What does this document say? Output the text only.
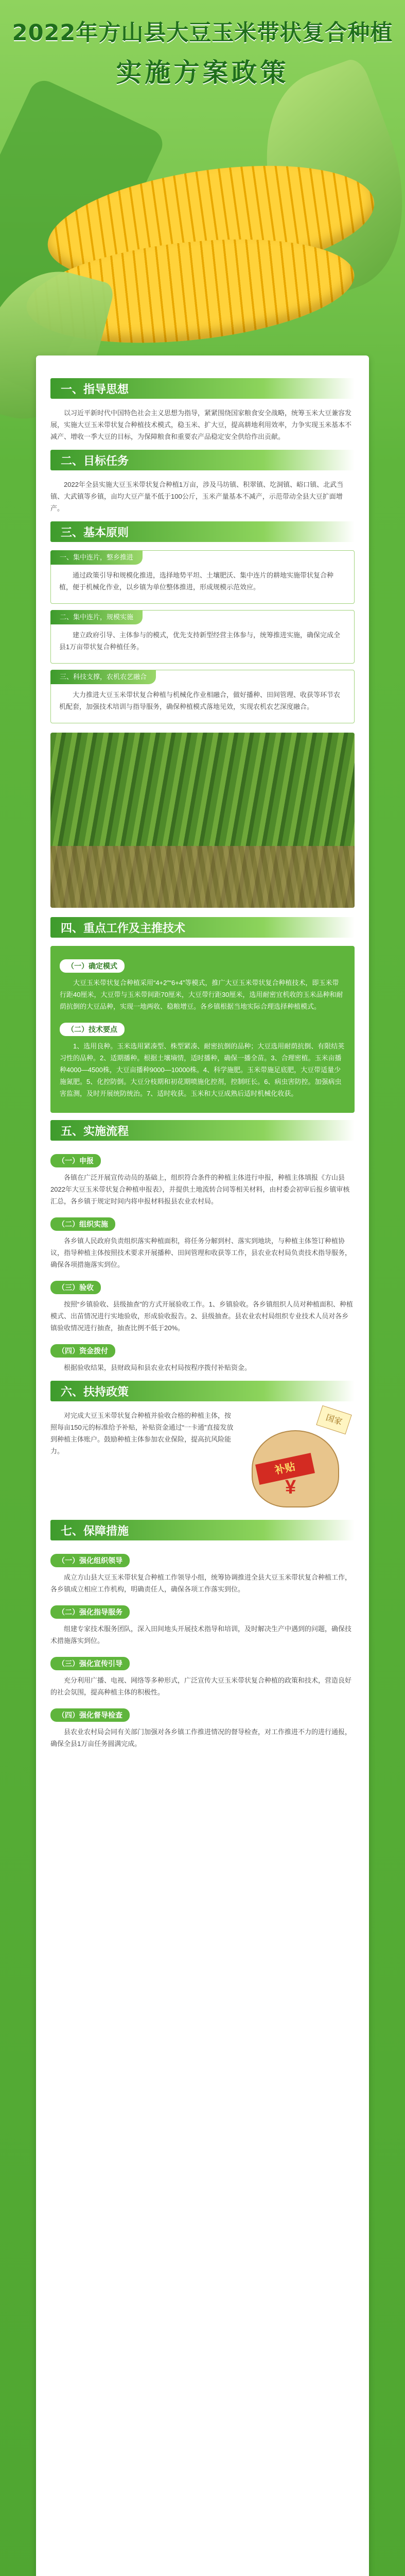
2022年方山县大豆玉米带状复合种植
实施方案政策
一、指导思想

以习近平新时代中国特色社会主义思想为指导，紧紧围绕国家粮食安全战略，统筹玉米大豆兼容发展，实施大豆玉米带状复合种植技术模式，稳玉米、扩大豆，提高耕地利用效率，力争实现玉米基本不减产、增收一季大豆的目标，为保障粮食和重要农产品稳定安全供给作出贡献。

二、目标任务

2022年全县实施大豆玉米带状复合种植1万亩，涉及马坊镇、积翠镇、圪洞镇、峪口镇、北武当镇、大武镇等乡镇，亩均大豆产量不低于100公斤，玉米产量基本不减产，示范带动全县大豆扩面增产。

三、基本原则
一、集中连片，整乡推进

通过政策引导和规模化推进，选择地势平坦、土壤肥沃、集中连片的耕地实施带状复合种植，便于机械化作业，以乡镇为单位整体推进，形成规模示范效应。

二、集中连片，规模实施

建立政府引导、主体参与的模式，优先支持新型经营主体参与，统筹推进实施，确保完成全县1万亩带状复合种植任务。

三、科技支撑，农机农艺融合

大力推进大豆玉米带状复合种植与机械化作业相融合，做好播种、田间管理、收获等环节农机配套，加强技术培训与指导服务，确保种植模式落地见效，实现农机农艺深度融合。

四、重点工作及主推技术
（一）确定模式

大豆玉米带状复合种植采用“4+2”“6+4”等模式，推广大豆玉米带状复合种植技术，即玉米带行距40厘米，大豆带与玉米带间距70厘米，大豆带行距30厘米，选用耐密宜机收的玉米品种和耐荫抗倒的大豆品种，实现一地两收、稳粮增豆。各乡镇根据当地实际合理选择种植模式。

（二）技术要点

1、选用良种。玉米选用紧凑型、株型紧凑、耐密抗倒的品种；大豆选用耐荫抗倒、有限结荚习性的品种。2、适期播种。根据土壤墒情，适时播种，确保一播全苗。3、合理密植。玉米亩播种4000—4500株，大豆亩播种9000—10000株。4、科学施肥。玉米带施足底肥，大豆带适量少施氮肥。5、化控防倒。大豆分枝期和初花期喷施化控剂，控制旺长。6、病虫害防控。加强病虫害监测，及时开展统防统治。7、适时收获。玉米和大豆成熟后适时机械化收获。

五、实施流程
（一）申报

各镇在广泛开展宣传动员的基础上，组织符合条件的种植主体进行申报，种植主体填报《方山县2022年大豆玉米带状复合种植申报表》，并提供土地流转合同等相关材料，由村委会初审后报乡镇审核汇总，各乡镇于规定时间内将申报材料报县农业农村局。

（二）组织实施

各乡镇人民政府负责组织落实种植面积，将任务分解到村、落实到地块，与种植主体签订种植协议，指导种植主体按照技术要求开展播种、田间管理和收获等工作，县农业农村局负责技术指导服务，确保各项措施落实到位。

（三）验收

按照“乡镇验收、县级抽查”的方式开展验收工作。1、乡镇验收。各乡镇组织人员对种植面积、种植模式、出苗情况进行实地验收，形成验收报告。2、县级抽查。县农业农村局组织专业技术人员对各乡镇验收情况进行抽查，抽查比例不低于20%。

（四）资金拨付

根据验收结果，县财政局和县农业农村局按程序拨付补贴资金。

六、扶持政策

对完成大豆玉米带状复合种植并验收合格的种植主体，按照每亩150元的标准给予补贴，补贴资金通过“一卡通”直接发放到种植主体账户。鼓励种植主体参加农业保险，提高抗风险能力。

补贴
¥
国家
七、保障措施
（一）强化组织领导

成立方山县大豆玉米带状复合种植工作领导小组，统筹协调推进全县大豆玉米带状复合种植工作，各乡镇成立相应工作机构，明确责任人，确保各项工作落实到位。

（二）强化指导服务

组建专家技术服务团队，深入田间地头开展技术指导和培训，及时解决生产中遇到的问题，确保技术措施落实到位。

（三）强化宣传引导

充分利用广播、电视、网络等多种形式，广泛宣传大豆玉米带状复合种植的政策和技术，营造良好的社会氛围，提高种植主体的积极性。

（四）强化督导检查

县农业农村局会同有关部门加强对各乡镇工作推进情况的督导检查，对工作推进不力的进行通报，确保全县1万亩任务圆满完成。
